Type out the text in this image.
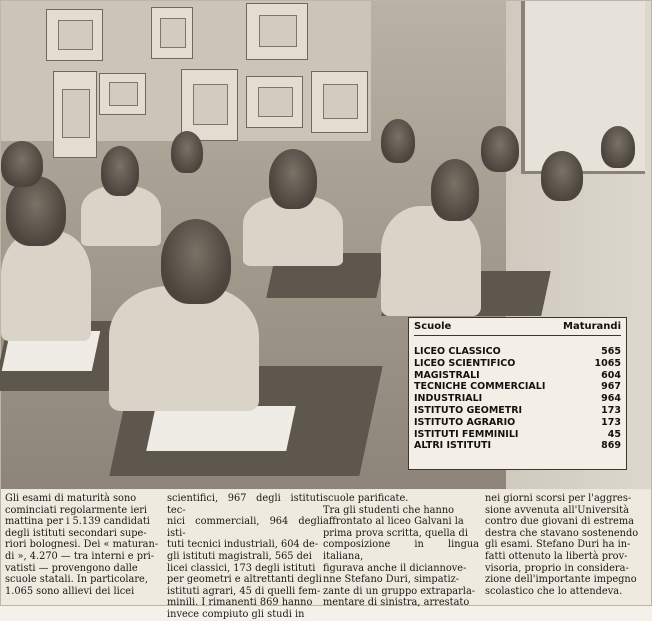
Scuole	Maturandi
LICEO CLASSICO	565
LICEO SCIENTIFICO	1065
MAGISTRALI	604
TECNICHE COMMERCIALI	967
INDUSTRIALI	964
ISTITUTO GEOMETRI	173
ISTITUTO AGRARIO	173
ISTITUTI FEMMINILI	45
ALTRI ISTITUTI	869
Gli esami di maturità sono
cominciati regolarmente ieri
mattina per i 5.139 candidati
degli istituti secondari supe-
riori bolognesi. Dei « maturan-
di », 4.270 — tra interni e pri-
vatisti — provengono dalle
scuole statali. In particolare,
1.065 sono allievi dei licei
scientifici, 967 degli istituti tec-
nici commerciali, 964 degli isti-
tuti tecnici industriali, 604 de-
gli istituti magistrali, 565 dei
licei classici, 173 degli istituti
per geometri e altrettanti degli
istituti agrari, 45 di quelli fem-
minili. I rimanenti 869 hanno
invece compiuto gli studi in
scuole parificate.
Tra gli studenti che hanno
affrontato al liceo Galvani la
prima prova scritta, quella di
composizione in lingua italiana,
figurava anche il diciannove-
nne Stefano Duri, simpatiz-
zante di un gruppo extraparla-
mentare di sinistra, arrestato
nei giorni scorsi per l'aggres-
sione avvenuta all'Università
contro due giovani di estrema
destra che stavano sostenendo
gli esami. Stefano Duri ha in-
fatti ottenuto la libertà prov-
visoria, proprio in considera-
zione dell'importante impegno
scolastico che lo attendeva.
